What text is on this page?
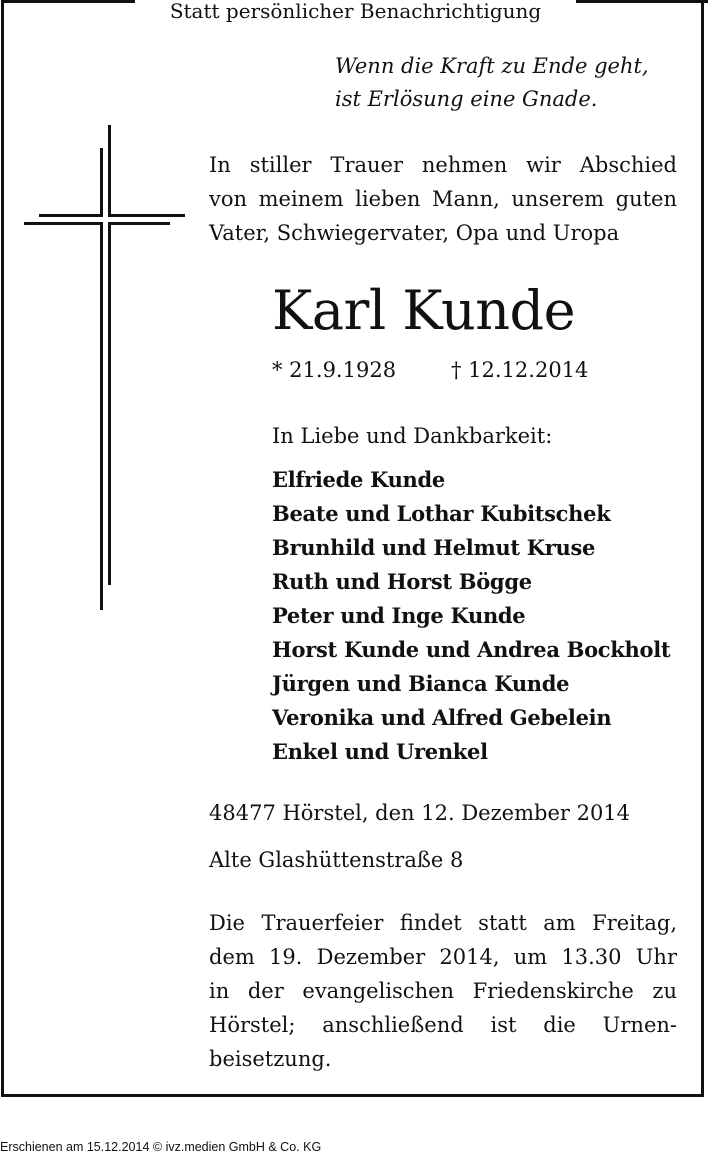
Statt persönlicher Benachrichtigung
Wenn die Kraft zu Ende geht,
ist Erlösung eine Gnade.
In stiller Trauer nehmen wir Abschied
von meinem lieben Mann, unserem guten
Vater, Schwiegervater, Opa und Uropa
Karl Kunde
* 21.9.1928	† 12.12.2014
In Liebe und Dankbarkeit:
Elfriede Kunde
Beate und Lothar Kubitschek
Brunhild und Helmut Kruse
Ruth und Horst Bögge
Peter und Inge Kunde
Horst Kunde und Andrea Bockholt
Jürgen und Bianca Kunde
Veronika und Alfred Gebelein
Enkel und Urenkel
48477 Hörstel, den 12. Dezember 2014
Alte Glashüttenstraße 8
Die Trauerfeier findet statt am Freitag,
dem 19. Dezember 2014, um 13.30 Uhr
in der evangelischen Friedenskirche zu
Hörstel; anschließend ist die Urnen-
beisetzung.
Erschienen am 15.12.2014 © ivz.medien GmbH & Co. KG
